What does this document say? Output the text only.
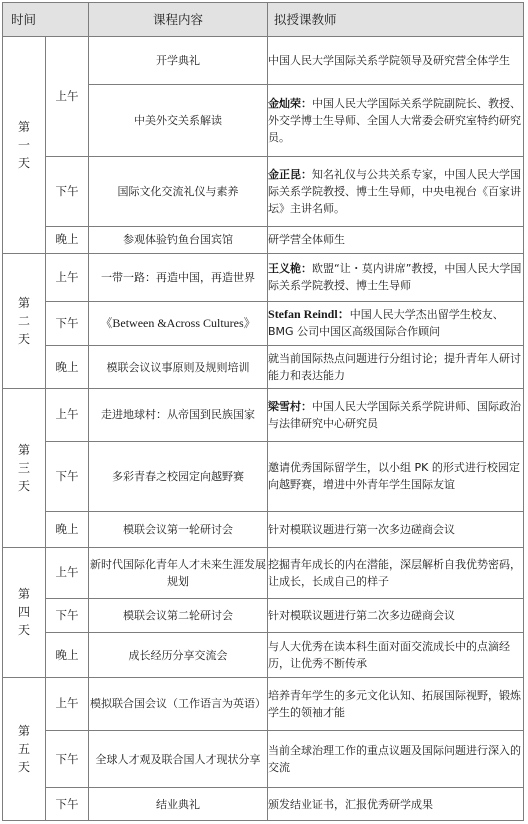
时间		课程内容	拟授课教师
第一天	上午	开学典礼	中国人民大学国际关系学院领导及研究营全体学生
		中美外交关系解读	金灿荣：中国人民大学国际关系学院副院长、教授、外交学博士生导师、全国人大常委会研究室特约研究员。
	下午	国际文化交流礼仪与素养	金正昆：知名礼仪与公共关系专家，中国人民大学国际关系学院教授、博士生导师，中央电视台《百家讲坛》主讲名师。
	晚上	参观体验钓鱼台国宾馆	研学营全体师生
第二天	上午	一带一路：再造中国，再造世界	王义桅：欧盟“让・莫内讲席”教授，中国人民大学国际关系学院教授、博士生导师
	下午	《Between &Across Cultures》	Stefan Reindl：中国人民大学杰出留学生校友、BMG 公司中国区高级国际合作顾问
	晚上	模联会议议事原则及规则培训	就当前国际热点问题进行分组讨论；提升青年人研讨能力和表达能力
第三天	上午	走进地球村：从帝国到民族国家	梁雪村：中国人民大学国际关系学院讲师、国际政治与法律研究中心研究员
	下午	多彩青春之校园定向越野赛	邀请优秀国际留学生，以小组 PK 的形式进行校园定向越野赛，增进中外青年学生国际友谊
	晚上	模联会议第一轮研讨会	针对模联议题进行第一次多边磋商会议
第四天	上午	新时代国际化青年人才未来生涯发展规划	挖掘青年成长的内在潜能，深层解析自我优势密码，让成长，长成自己的样子
	下午	模联会议第二轮研讨会	针对模联议题进行第二次多边磋商会议
	晚上	成长经历分享交流会	与人大优秀在读本科生面对面交流成长中的点滴经历，让优秀不断传承
第五天	上午	模拟联合国会议（工作语言为英语）	培养青年学生的多元文化认知、拓展国际视野，锻炼学生的领袖才能
	下午	全球人才观及联合国人才现状分享	当前全球治理工作的重点议题及国际问题进行深入的交流
	下午	结业典礼	颁发结业证书，汇报优秀研学成果
